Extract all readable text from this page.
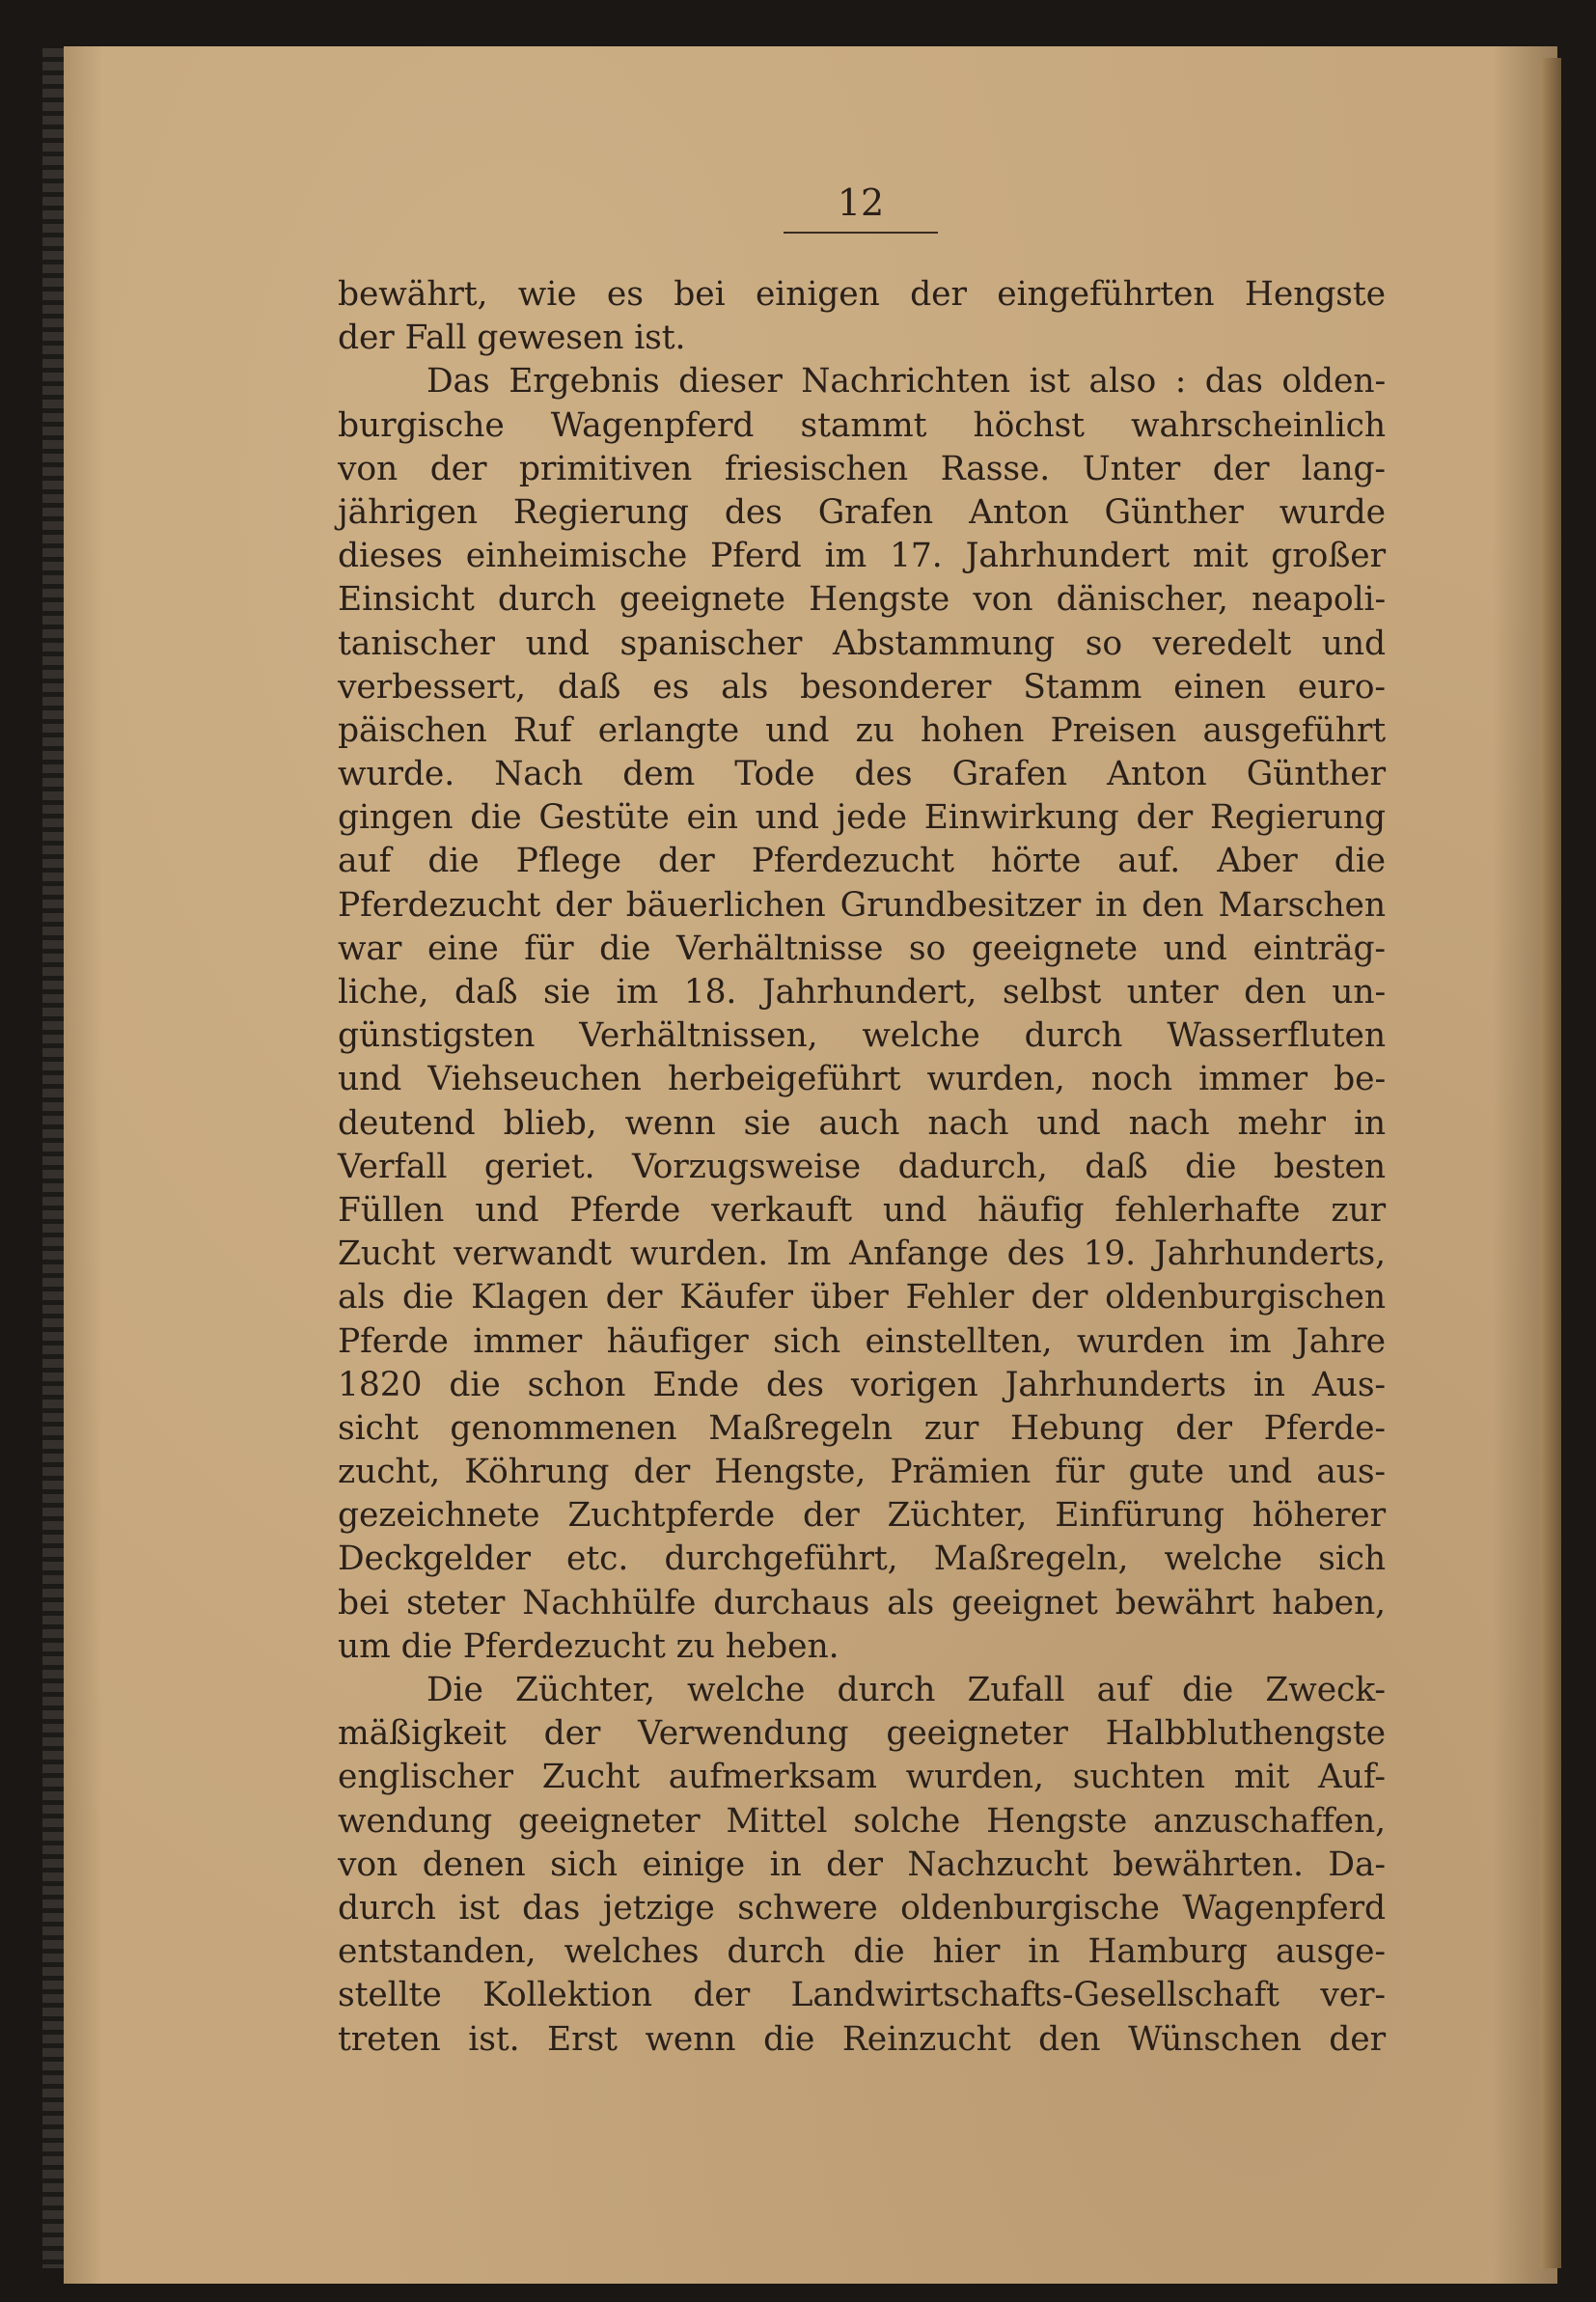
12
bewährt, wie es bei einigen der eingeführten Hengste
der Fall gewesen ist.
Das Ergebnis dieser Nachrichten ist also : das olden-
burgische Wagenpferd stammt höchst wahrscheinlich
von der primitiven friesischen Rasse. Unter der lang-
jährigen Regierung des Grafen Anton Günther wurde
dieses einheimische Pferd im 17. Jahrhundert mit großer
Einsicht durch geeignete Hengste von dänischer, neapoli-
tanischer und spanischer Abstammung so veredelt und
verbessert, daß es als besonderer Stamm einen euro-
päischen Ruf erlangte und zu hohen Preisen ausgeführt
wurde. Nach dem Tode des Grafen Anton Günther
gingen die Gestüte ein und jede Einwirkung der Regierung
auf die Pflege der Pferdezucht hörte auf. Aber die
Pferdezucht der bäuerlichen Grundbesitzer in den Marschen
war eine für die Verhältnisse so geeignete und einträg-
liche, daß sie im 18. Jahrhundert, selbst unter den un-
günstigsten Verhältnissen, welche durch Wasserfluten
und Viehseuchen herbeigeführt wurden, noch immer be-
deutend blieb, wenn sie auch nach und nach mehr in
Verfall geriet. Vorzugsweise dadurch, daß die besten
Füllen und Pferde verkauft und häufig fehlerhafte zur
Zucht verwandt wurden. Im Anfange des 19. Jahrhunderts,
als die Klagen der Käufer über Fehler der oldenburgischen
Pferde immer häufiger sich einstellten, wurden im Jahre
1820 die schon Ende des vorigen Jahrhunderts in Aus-
sicht genommenen Maßregeln zur Hebung der Pferde-
zucht, Köhrung der Hengste, Prämien für gute und aus-
gezeichnete Zuchtpferde der Züchter, Einfürung höherer
Deckgelder etc. durchgeführt, Maßregeln, welche sich
bei steter Nachhülfe durchaus als geeignet bewährt haben,
um die Pferdezucht zu heben.
Die Züchter, welche durch Zufall auf die Zweck-
mäßigkeit der Verwendung geeigneter Halbbluthengste
englischer Zucht aufmerksam wurden, suchten mit Auf-
wendung geeigneter Mittel solche Hengste anzuschaffen,
von denen sich einige in der Nachzucht bewährten. Da-
durch ist das jetzige schwere oldenburgische Wagenpferd
entstanden, welches durch die hier in Hamburg ausge-
stellte Kollektion der Landwirtschafts-Gesellschaft ver-
treten ist. Erst wenn die Reinzucht den Wünschen der
